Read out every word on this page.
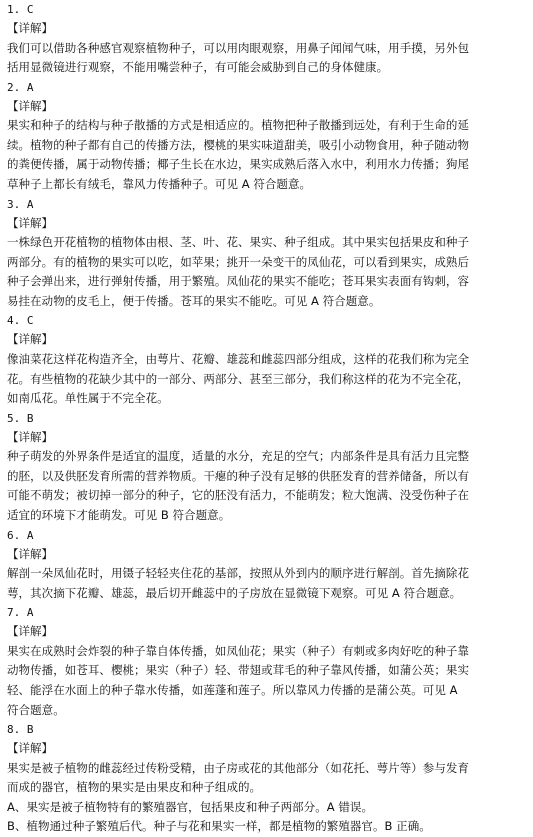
1. C
【详解】
我们可以借助各种感官观察植物种子，可以用肉眼观察，用鼻子闻闻气味，用手摸，另外包
括用显微镜进行观察，不能用嘴尝种子，有可能会威胁到自己的身体健康。
2. A
【详解】
果实和种子的结构与种子散播的方式是相适应的。植物把种子散播到远处，有利于生命的延
续。植物的种子都有自己的传播方法，樱桃的果实味道甜美，吸引小动物食用，种子随动物
的粪便传播，属于动物传播；椰子生长在水边，果实成熟后落入水中，利用水力传播；狗尾
草种子上都长有绒毛，靠风力传播种子。可见 A 符合题意。
3. A
【详解】
一株绿色开花植物的植物体由根、茎、叶、花、果实、种子组成。其中果实包括果皮和种子
两部分。有的植物的果实可以吃，如苹果；挑开一朵变干的凤仙花，可以看到果实，成熟后
种子会弹出来，进行弹射传播，用于繁殖。凤仙花的果实不能吃；苍耳果实表面有钩刺，容
易挂在动物的皮毛上，便于传播。苍耳的果实不能吃。可见 A 符合题意。
4. C
【详解】
像油菜花这样花构造齐全，由萼片、花瓣、雄蕊和雌蕊四部分组成，这样的花我们称为完全
花。有些植物的花缺少其中的一部分、两部分、甚至三部分，我们称这样的花为不完全花，
如南瓜花。单性属于不完全花。
5. B
【详解】
种子萌发的外界条件是适宜的温度，适量的水分，充足的空气；内部条件是具有活力且完整
的胚，以及供胚发育所需的营养物质。干瘪的种子没有足够的供胚发育的营养储备，所以有
可能不萌发；被切掉一部分的种子，它的胚没有活力，不能萌发；粒大饱满、没受伤种子在
适宜的环境下才能萌发。可见 B 符合题意。
6. A
【详解】
解剖一朵凤仙花时，用镊子轻轻夹住花的基部，按照从外到内的顺序进行解剖。首先摘除花
萼，其次摘下花瓣、雄蕊，最后切开雌蕊中的子房放在显微镜下观察。可见 A 符合题意。
7. A
【详解】
果实在成熟时会炸裂的种子靠自体传播，如凤仙花；果实（种子）有刺或多肉好吃的种子靠
动物传播，如苍耳、樱桃；果实（种子）轻、带翅或茸毛的种子靠风传播，如蒲公英；果实
轻、能浮在水面上的种子靠水传播，如莲蓬和莲子。所以靠风力传播的是蒲公英。可见 A
符合题意。
8. B
【详解】
果实是被子植物的雌蕊经过传粉受精，由子房或花的其他部分（如花托、萼片等）参与发育
而成的器官，植物的果实是由果皮和种子组成的。
A、果实是被子植物特有的繁殖器官，包括果皮和种子两部分。A 错误。
B、植物通过种子繁殖后代。种子与花和果实一样，都是植物的繁殖器官。B 正确。
